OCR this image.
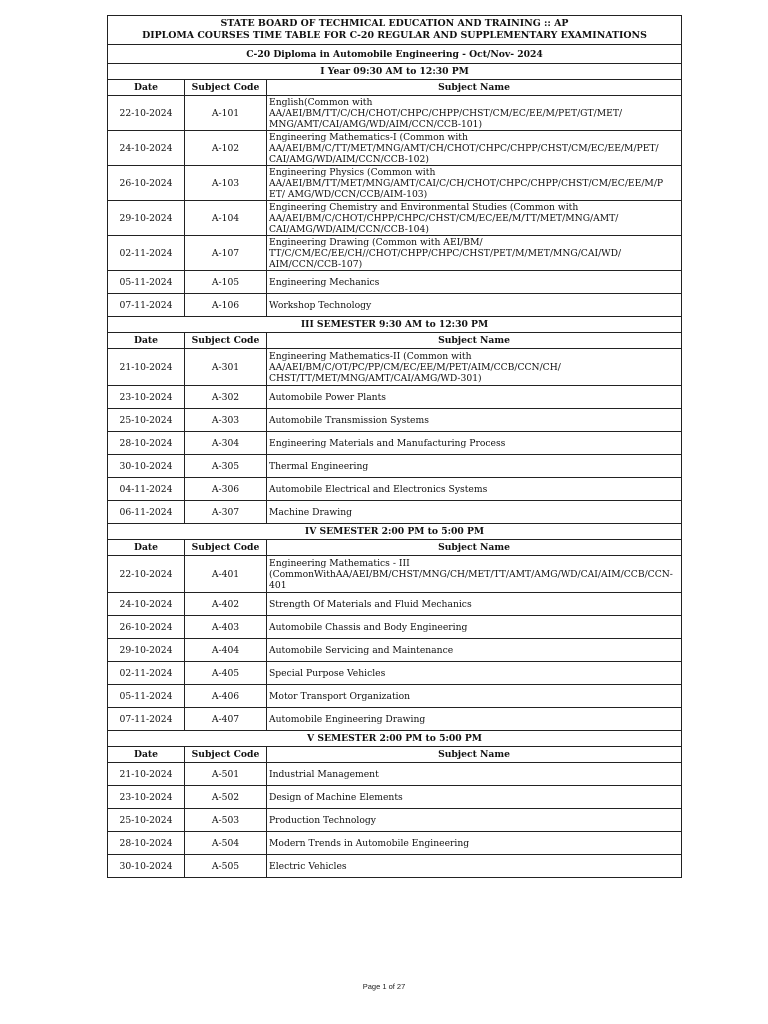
STATE BOARD OF TECHMICAL EDUCATION AND TRAINING :: AP
DIPLOMA COURSES TIME TABLE FOR C-20 REGULAR AND SUPPLEMENTARY EXAMINATIONS		

C-20 Diploma in Automobile Engineering - Oct/Nov- 2024		
I Year 09:30 AM to 12:30 PM		
Date	Subject Code	Subject Name
22-10-2024	A-101	English(Common with AA/AEI/BM/TT/C/CH/CHOT/CHPC/CHPP/CHST/CM/EC/EE/M/PET/GT/MET/ MNG/AMT/CAI/AMG/WD/AIM/CCN/CCB-101)
24-10-2024	A-102	Engineering Mathematics-I (Common with AA/AEI/BM/C/TT/MET/MNG/AMT/CH/CHOT/CHPC/CHPP/CHST/CM/EC/EE/M/PET/ CAI/AMG/WD/AIM/CCN/CCB-102)
26-10-2024	A-103	Engineering Physics (Common with AA/AEI/BM/TT/MET/MNG/AMT/CAI/C/CH/CHOT/CHPC/CHPP/CHST/CM/EC/EE/M/P ET/ AMG/WD/CCN/CCB/AIM-103)
29-10-2024	A-104	Engineering Chemistry and Environmental Studies (Common with AA/AEI/BM/C/CHOT/CHPP/CHPC/CHST/CM/EC/EE/M/TT/MET/MNG/AMT/ CAI/AMG/WD/AIM/CCN/CCB-104)
02-11-2024	A-107	Engineering Drawing (Common with AEI/BM/ TT/C/CM/EC/EE/CH//CHOT/CHPP/CHPC/CHST/PET/M/MET/MNG/CAI/WD/ AIM/CCN/CCB-107)
05-11-2024	A-105	Engineering Mechanics
07-11-2024	A-106	Workshop Technology
III SEMESTER 9:30 AM to 12:30 PM		
Date	Subject Code	Subject Name
21-10-2024	A-301	Engineering Mathematics-II (Common with AA/AEI/BM/C/OT/PC/PP/CM/EC/EE/M/PET/AIM/CCB/CCN/CH/ CHST/TT/MET/MNG/AMT/CAI/AMG/WD-301)
23-10-2024	A-302	Automobile Power Plants
25-10-2024	A-303	Automobile Transmission Systems
28-10-2024	A-304	Engineering Materials and Manufacturing Process
30-10-2024	A-305	Thermal Engineering
04-11-2024	A-306	Automobile Electrical and Electronics Systems
06-11-2024	A-307	Machine Drawing
IV SEMESTER 2:00 PM to 5:00 PM		
Date	Subject Code	Subject Name
22-10-2024	A-401	Engineering Mathematics - III (CommonWithAA/AEI/BM/CHST/MNG/CH/MET/TT/AMT/AMG/WD/CAI/AIM/CCB/CCN- 401
24-10-2024	A-402	Strength Of Materials and Fluid Mechanics
26-10-2024	A-403	Automobile Chassis and Body Engineering
29-10-2024	A-404	Automobile Servicing and Maintenance
02-11-2024	A-405	Special Purpose Vehicles
05-11-2024	A-406	Motor Transport Organization
07-11-2024	A-407	Automobile Engineering Drawing
V SEMESTER 2:00 PM to 5:00 PM		
Date	Subject Code	Subject Name
21-10-2024	A-501	Industrial Management
23-10-2024	A-502	Design of Machine Elements
25-10-2024	A-503	Production Technology
28-10-2024	A-504	Modern Trends in Automobile Engineering
30-10-2024	A-505	Electric Vehicles
Page 1 of 27
